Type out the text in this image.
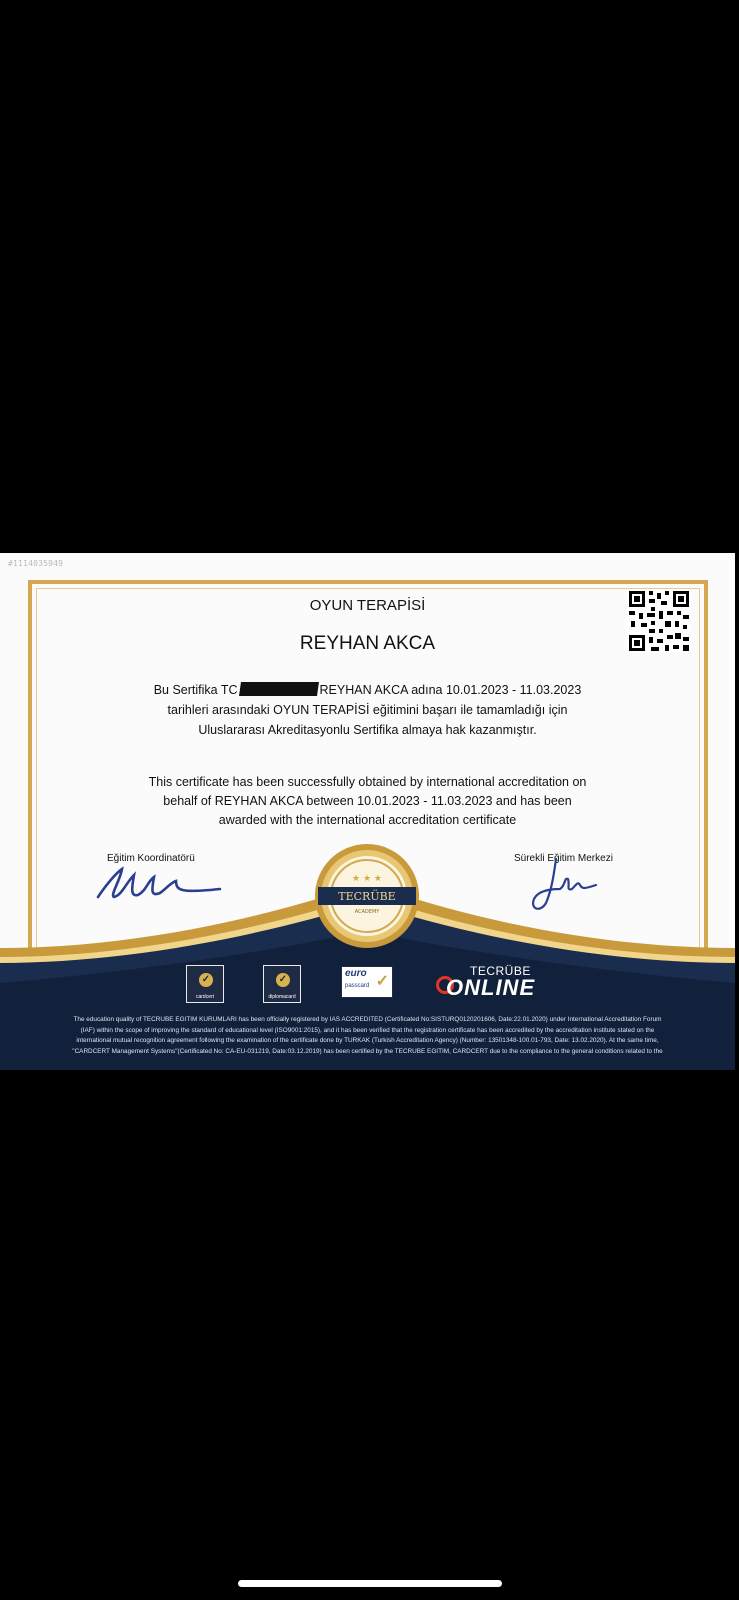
#1114035949
OYUN TERAPİSİ
REYHAN AKCA
Bu Sertifika TC	REYHAN AKCA adına 10.01.2023 - 11.03.2023
tarihleri arasındaki OYUN TERAPİSİ eğitimini başarı ile tamamladığı için
Uluslararası Akreditasyonlu Sertifika almaya hak kazanmıştır.
This certificate has been successfully obtained by international accreditation on
behalf of REYHAN AKCA between 10.01.2023 - 11.03.2023 and has been
awarded with the international accreditation certificate
Eğitim Koordinatörü	Sürekli Eğitim Merkezi
★ ★ ★
TECRÜBE
ACADEMY
✓
cardcert
✓
diplomacard
euro
passcard ✓
TECRÜBE
ONLINE
The education quality of TECRUBE EGITIM KURUMLARI has been officially registered by IAS ACCREDITED (Certificated No:SISTURQ0120201606, Date:22.01.2020) under International Accreditation Forum
(IAF) within the scope of improving the standard of educational level (ISO9001:2015), and it has been verified that the registration certificate has been accredited by the accreditation institute stated on the
international mutual recognition agreement following the examination of the certificate done by TURKAK (Turkish Accreditation Agency) (Number: 13501348-100.01-793, Date: 13.02.2020). At the same time,
"CARDCERT Management Systems"(Certificated No: CA-EU-031219, Date:03.12.2019) has been certified by the TECRUBE EGITIM, CARDCERT due to the compliance to the general conditions related to the
